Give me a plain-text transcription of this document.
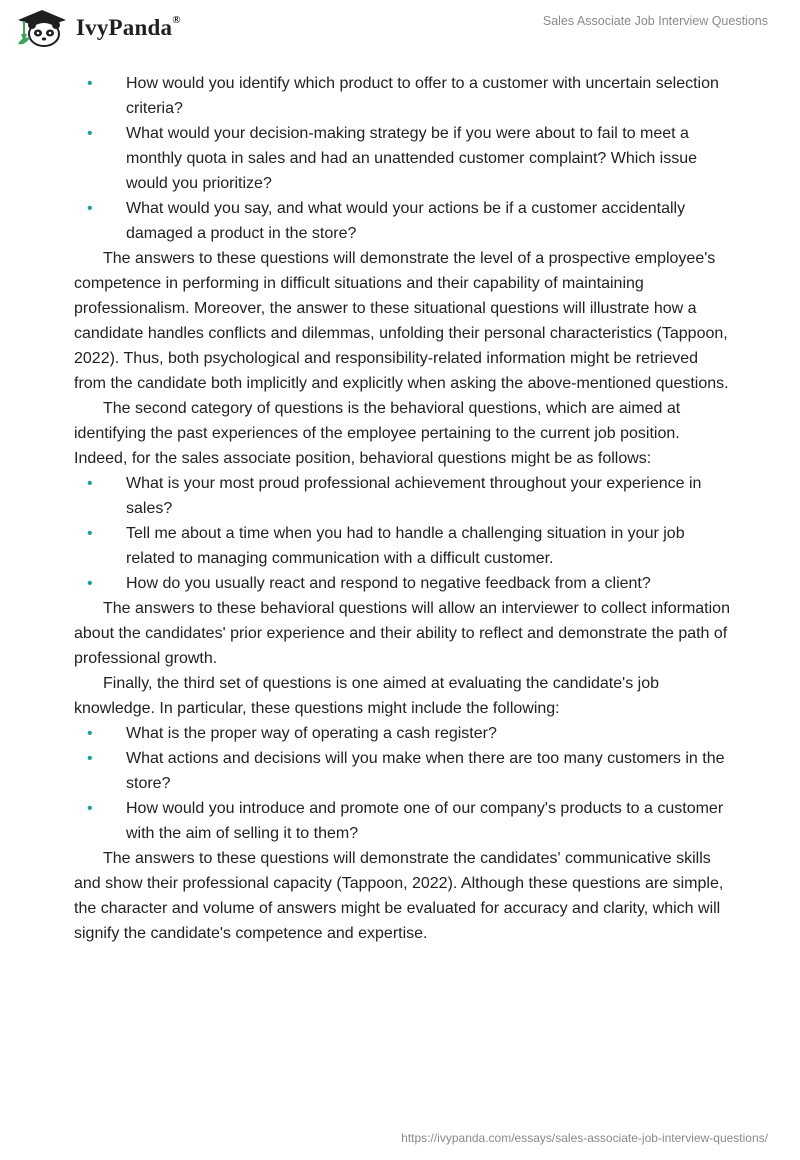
IvyPanda®	Sales Associate Job Interview Questions
• How would you identify which product to offer to a customer with uncertain selection criteria?
• What would your decision-making strategy be if you were about to fail to meet a monthly quota in sales and had an unattended customer complaint? Which issue would you prioritize?
• What would you say, and what would your actions be if a customer accidentally damaged a product in the store?

The answers to these questions will demonstrate the level of a prospective employee's competence in performing in difficult situations and their capability of maintaining professionalism. Moreover, the answer to these situational questions will illustrate how a candidate handles conflicts and dilemmas, unfolding their personal characteristics (Tappoon, 2022). Thus, both psychological and responsibility-related information might be retrieved from the candidate both implicitly and explicitly when asking the above-mentioned questions.

The second category of questions is the behavioral questions, which are aimed at identifying the past experiences of the employee pertaining to the current job position. Indeed, for the sales associate position, behavioral questions might be as follows:

• What is your most proud professional achievement throughout your experience in sales?
• Tell me about a time when you had to handle a challenging situation in your job related to managing communication with a difficult customer.
• How do you usually react and respond to negative feedback from a client?

The answers to these behavioral questions will allow an interviewer to collect information about the candidates' prior experience and their ability to reflect and demonstrate the path of professional growth.

Finally, the third set of questions is one aimed at evaluating the candidate's job knowledge. In particular, these questions might include the following:

• What is the proper way of operating a cash register?
• What actions and decisions will you make when there are too many customers in the store?
• How would you introduce and promote one of our company's products to a customer with the aim of selling it to them?

The answers to these questions will demonstrate the candidates' communicative skills and show their professional capacity (Tappoon, 2022). Although these questions are simple, the character and volume of answers might be evaluated for accuracy and clarity, which will signify the candidate's competence and expertise.

https://ivypanda.com/essays/sales-associate-job-interview-questions/
